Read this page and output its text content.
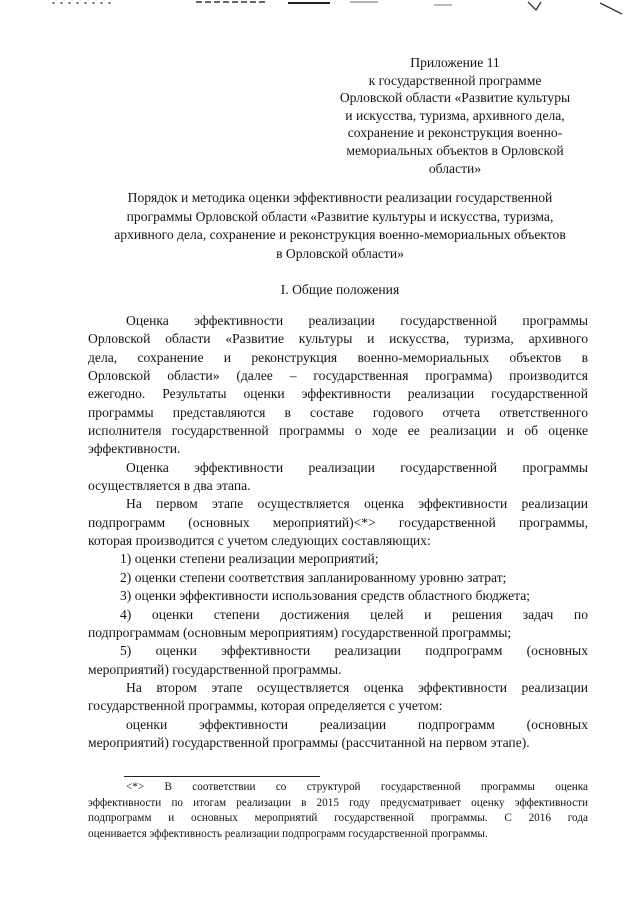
Приложение 11
к государственной программе
Орловской области «Развитие культуры
и искусства, туризма, архивного дела,
сохранение и реконструкция военно-
мемориальных объектов в Орловской
области»
Порядок и методика оценки эффективности реализации государственной
программы Орловской области «Развитие культуры и искусства, туризма,
архивного дела, сохранение и реконструкция военно-мемориальных объектов
в Орловской области»
I. Общие положения
Оценка эффективности реализации государственной программы
Орловской области «Развитие культуры и искусства, туризма, архивного
дела, сохранение и реконструкция военно-мемориальных объектов в
Орловской области» (далее – государственная программа) производится
ежегодно. Результаты оценки эффективности реализации государственной
программы представляются в составе годового отчета ответственного
исполнителя государственной программы о ходе ее реализации и об оценке
эффективности.
Оценка эффективности реализации государственной программы
осуществляется в два этапа.
На первом этапе осуществляется оценка эффективности реализации
подпрограмм (основных мероприятий)<*> государственной программы,
которая производится с учетом следующих составляющих:
1) оценки степени реализации мероприятий;
2) оценки степени соответствия запланированному уровню затрат;
3) оценки эффективности использования средств областного бюджета;
4) оценки степени достижения целей и решения задач по
подпрограммам (основным мероприятиям) государственной программы;
5) оценки эффективности реализации подпрограмм (основных
мероприятий) государственной программы.
На втором этапе осуществляется оценка эффективности реализации
государственной программы, которая определяется с учетом:
оценки эффективности реализации подпрограмм (основных
мероприятий) государственной программы (рассчитанной на первом этапе).
<*> В соответствии со структурой государственной программы оценка
эффективности по итогам реализации в 2015 году предусматривает оценку эффективности
подпрограмм и основных мероприятий государственной программы. С 2016 года
оценивается эффективность реализации подпрограмм государственной программы.
